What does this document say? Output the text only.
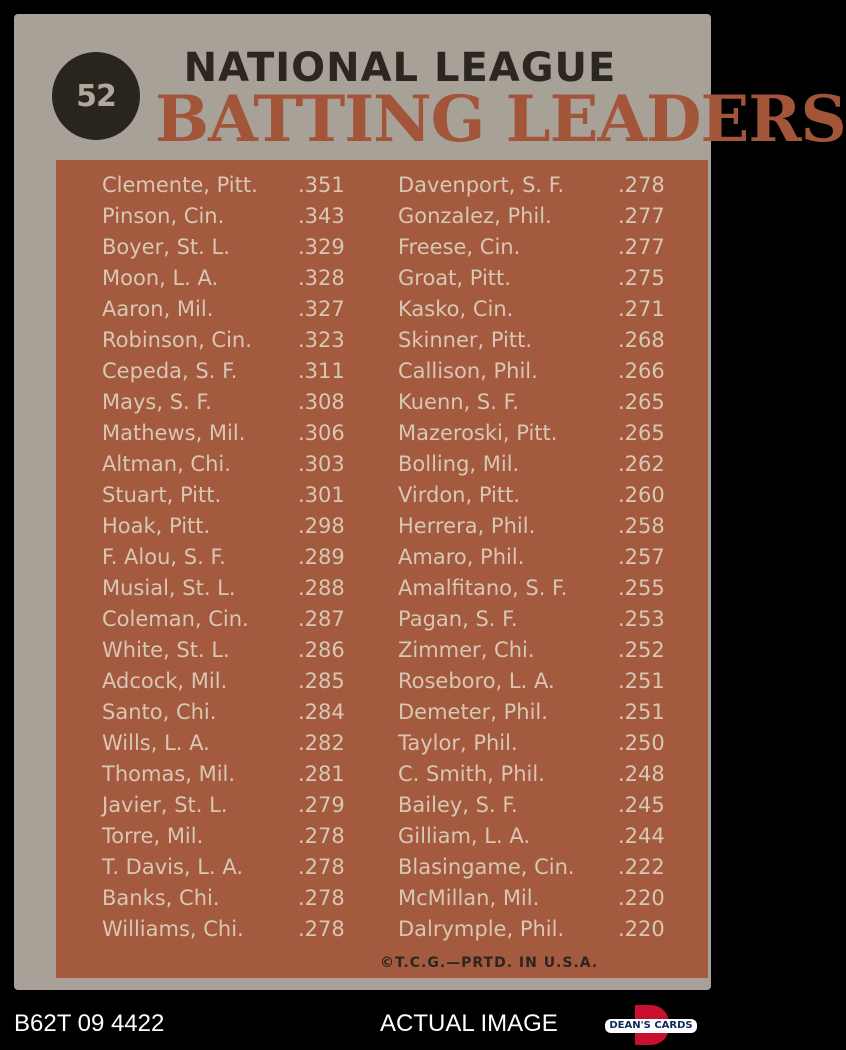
52
NATIONAL LEAGUE
BATTING LEADERS
Clemente, Pitt.
Pinson, Cin.
Boyer, St. L.
Moon, L. A.
Aaron, Mil.
Robinson, Cin.
Cepeda, S. F.
Mays, S. F.
Mathews, Mil.
Altman, Chi.
Stuart, Pitt.
Hoak, Pitt.
F. Alou, S. F.
Musial, St. L.
Coleman, Cin.
White, St. L.
Adcock, Mil.
Santo, Chi.
Wills, L. A.
Thomas, Mil.
Javier, St. L.
Torre, Mil.
T. Davis, L. A.
Banks, Chi.
Williams, Chi.
.351
.343
.329
.328
.327
.323
.311
.308
.306
.303
.301
.298
.289
.288
.287
.286
.285
.284
.282
.281
.279
.278
.278
.278
.278
Davenport, S. F.
Gonzalez, Phil.
Freese, Cin.
Groat, Pitt.
Kasko, Cin.
Skinner, Pitt.
Callison, Phil.
Kuenn, S. F.
Mazeroski, Pitt.
Bolling, Mil.
Virdon, Pitt.
Herrera, Phil.
Amaro, Phil.
Amalfitano, S. F.
Pagan, S. F.
Zimmer, Chi.
Roseboro, L. A.
Demeter, Phil.
Taylor, Phil.
C. Smith, Phil.
Bailey, S. F.
Gilliam, L. A.
Blasingame, Cin.
McMillan, Mil.
Dalrymple, Phil.
.278
.277
.277
.275
.271
.268
.266
.265
.265
.262
.260
.258
.257
.255
.253
.252
.251
.251
.250
.248
.245
.244
.222
.220
.220
©T.C.G.—PRTD. IN U.S.A.
B62T 09 4422	ACTUAL IMAGE	DEAN'S CARDS
